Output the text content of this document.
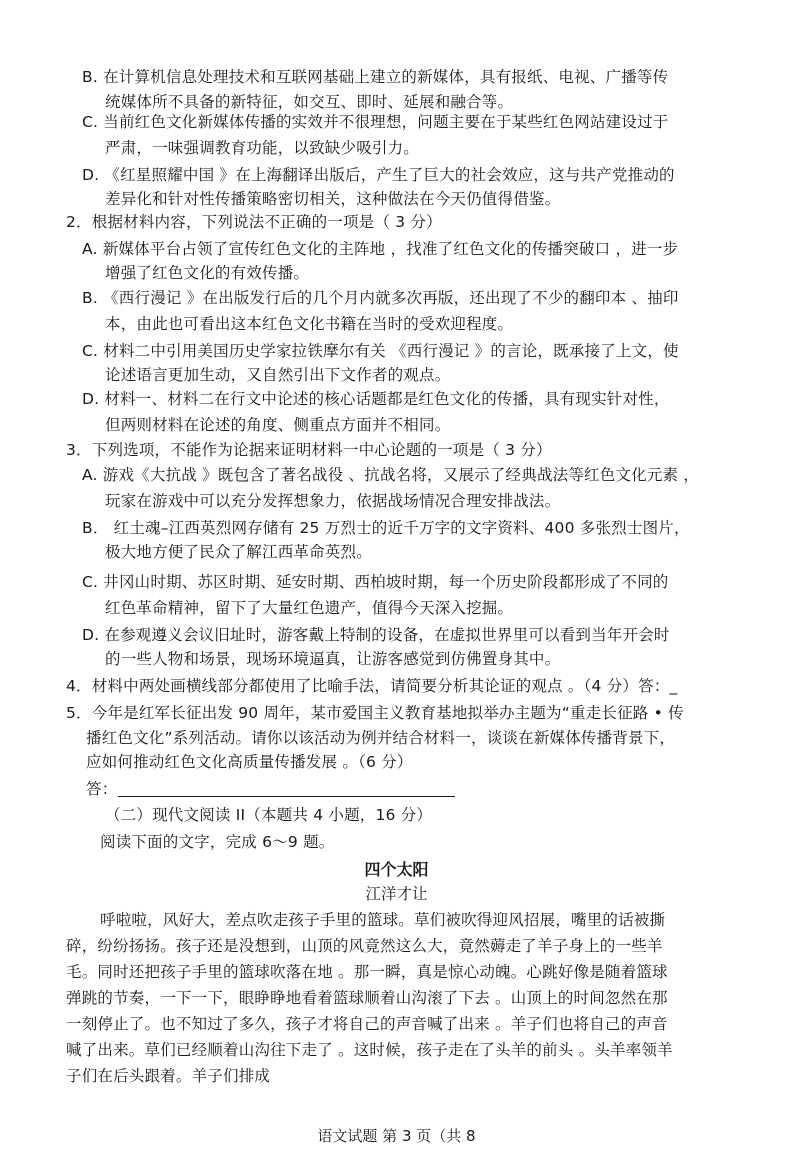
B. 在计算机信息处理技术和互联网基础上建立的新媒体，具有报纸、电视、广播等传
统媒体所不具备的新特征，如交互、即时、延展和融合等。
C. 当前红色文化新媒体传播的实效并不很理想，问题主要在于某些红色网站建设过于
严肃，一味强调教育功能，以致缺少吸引力。
D. 《红星照耀中国 》在上海翻译出版后，产生了巨大的社会效应，这与共产党推动的
差异化和针对性传播策略密切相关，这种做法在今天仍值得借鉴。
2．根据材料内容，下列说法不正确的一项是（ 3 分）
A. 新媒体平台占领了宣传红色文化的主阵地 ，找准了红色文化的传播突破口 ，进一步
增强了红色文化的有效传播。
B. 《西行漫记 》在出版发行后的几个月内就多次再版，还出现了不少的翻印本 、抽印
本，由此也可看出这本红色文化书籍在当时的受欢迎程度。
C. 材料二中引用美国历史学家拉铁摩尔有关 《西行漫记 》的言论，既承接了上文，使
论述语言更加生动，又自然引出下文作者的观点。
D. 材料一、材料二在行文中论述的核心话题都是红色文化的传播，具有现实针对性，
但两则材料在论述的角度、侧重点方面并不相同。
3．下列选项，不能作为论据来证明材料一中心论题的一项是（ 3 分）
A. 游戏《大抗战 》既包含了著名战役 、抗战名将，又展示了经典战法等红色文化元素 ，
玩家在游戏中可以充分发挥想象力，依据战场情况合理安排战法。
B． 红土魂–江西英烈网存储有 25 万烈士的近千万字的文字资料、400 多张烈士图片，
极大地方便了民众了解江西革命英烈。
C. 井冈山时期、苏区时期、延安时期、西柏坡时期，每一个历史阶段都形成了不同的
红色革命精神，留下了大量红色遗产，值得今天深入挖掘。
D. 在参观遵义会议旧址时，游客戴上特制的设备，在虚拟世界里可以看到当年开会时
的一些人物和场景，现场环境逼真，让游客感觉到仿佛置身其中。
4．材料中两处画横线部分都使用了比喻手法，请简要分析其论证的观点 。（4 分）答：_
5．今年是红军长征出发 90 周年，某市爱国主义教育基地拟举办主题为“重走长征路 • 传
播红色文化”系列活动。请你以该活动为例并结合材料一，谈谈在新媒体传播背景下，
应如何推动红色文化高质量传播发展 。（6 分）
答：
（二）现代文阅读 II（本题共 4 小题，16 分）
阅读下面的文字，完成 6～9 题。
四个太阳
江洋才让
呼啦啦，风好大，差点吹走孩子手里的篮球。草们被吹得迎风招展，嘴里的话被撕
碎，纷纷扬扬。孩子还是没想到，山顶的风竟然这么大，竟然薅走了羊子身上的一些羊
毛。同时还把孩子手里的篮球吹落在地 。那一瞬，真是惊心动魄。心跳好像是随着篮球
弹跳的节奏，一下一下，眼睁睁地看着篮球顺着山沟滚了下去 。山顶上的时间忽然在那
一刻停止了。也不知过了多久，孩子才将自己的声音喊了出来 。羊子们也将自己的声音
喊了出来。草们已经顺着山沟往下走了 。这时候，孩子走在了头羊的前头 。头羊率领羊
子们在后头跟着。羊子们排成
语文试题 第 3 页（共 8
